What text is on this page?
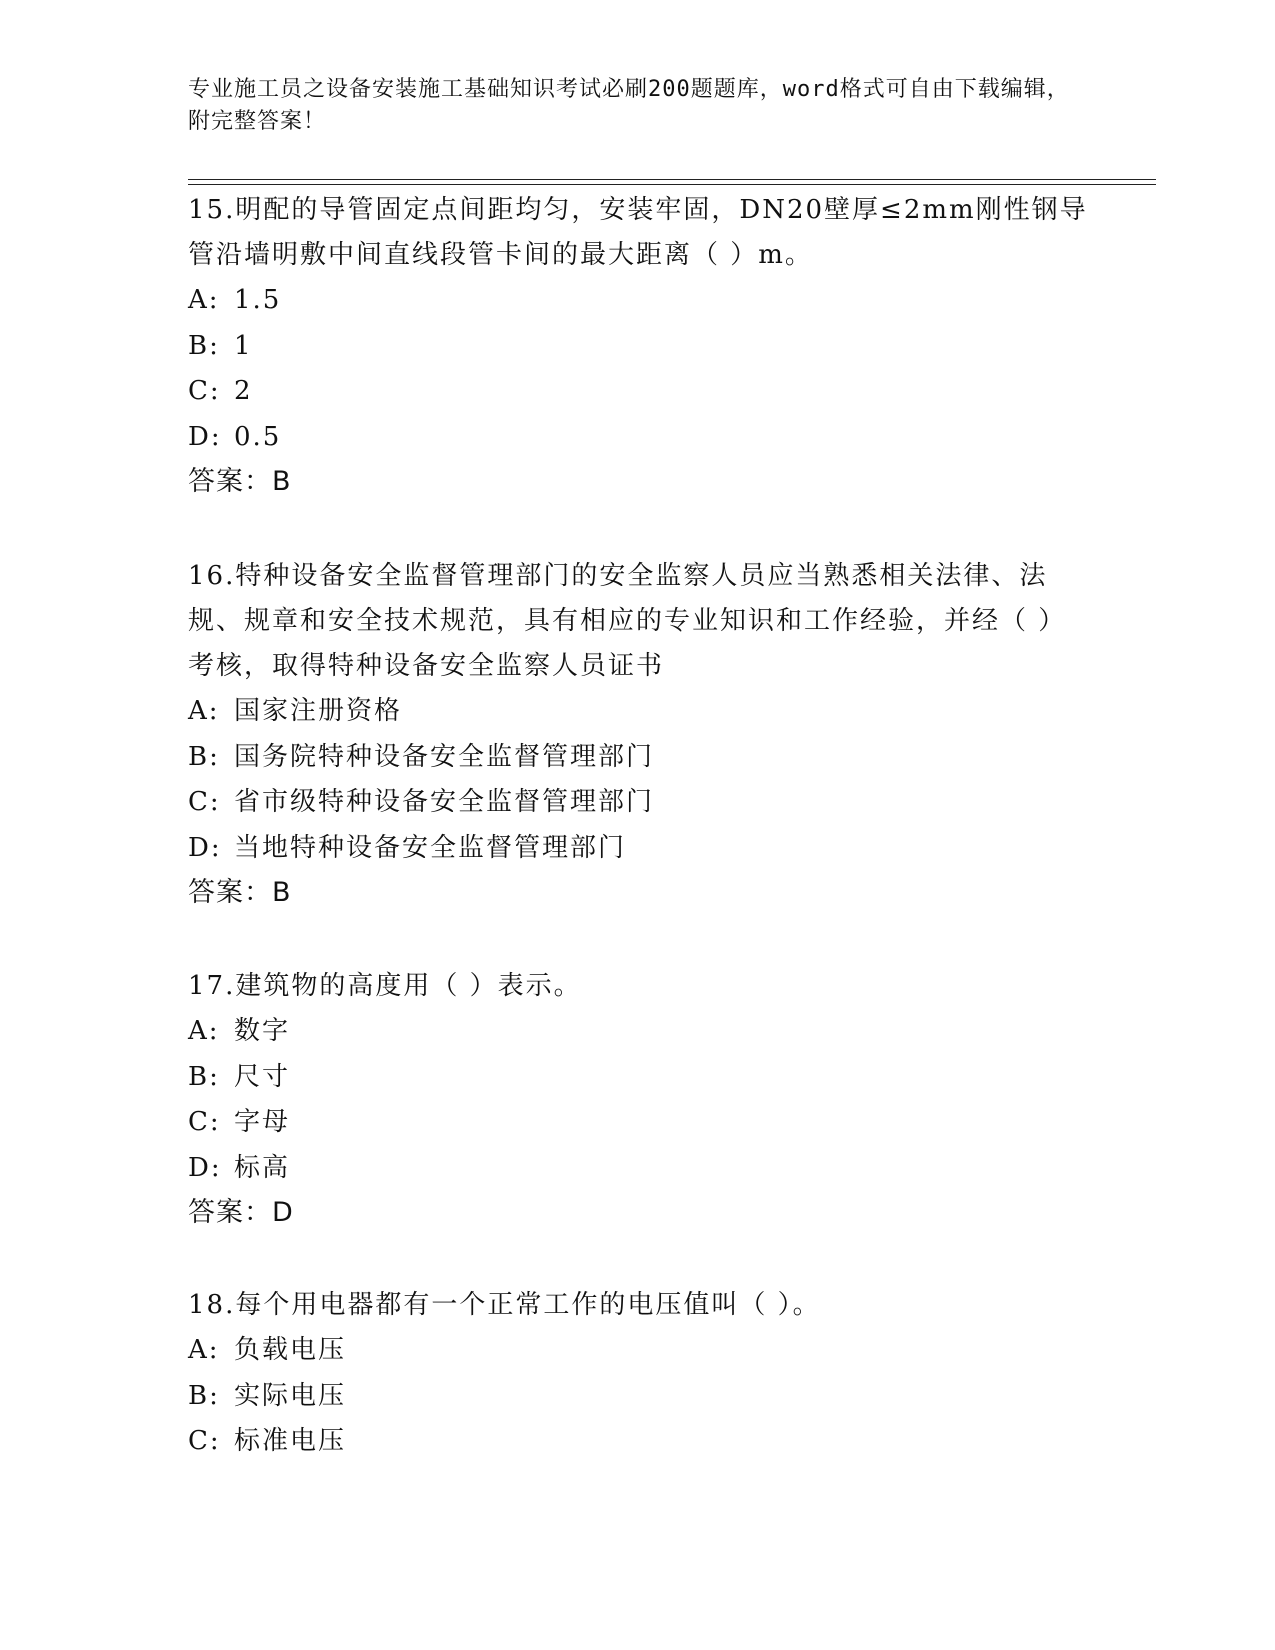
专业施工员之设备安装施工基础知识考试必刷200题题库，word格式可自由下载编辑，附完整答案！
15.明配的导管固定点间距均匀，安装牢固，DN20壁厚≤2mm刚性钢导管沿墙明敷中间直线段管卡间的最大距离（ ）m。
A: 1.5
B: 1
C: 2
D: 0.5
答案：B
16.特种设备安全监督管理部门的安全监察人员应当熟悉相关法律、法规、规章和安全技术规范，具有相应的专业知识和工作经验，并经（ ）考核，取得特种设备安全监察人员证书
A: 国家注册资格
B: 国务院特种设备安全监督管理部门
C: 省市级特种设备安全监督管理部门
D: 当地特种设备安全监督管理部门
答案：B
17.建筑物的高度用（ ）表示。
A: 数字
B: 尺寸
C: 字母
D: 标高
答案：D
18.每个用电器都有一个正常工作的电压值叫（ ）。
A: 负载电压
B: 实际电压
C: 标准电压
